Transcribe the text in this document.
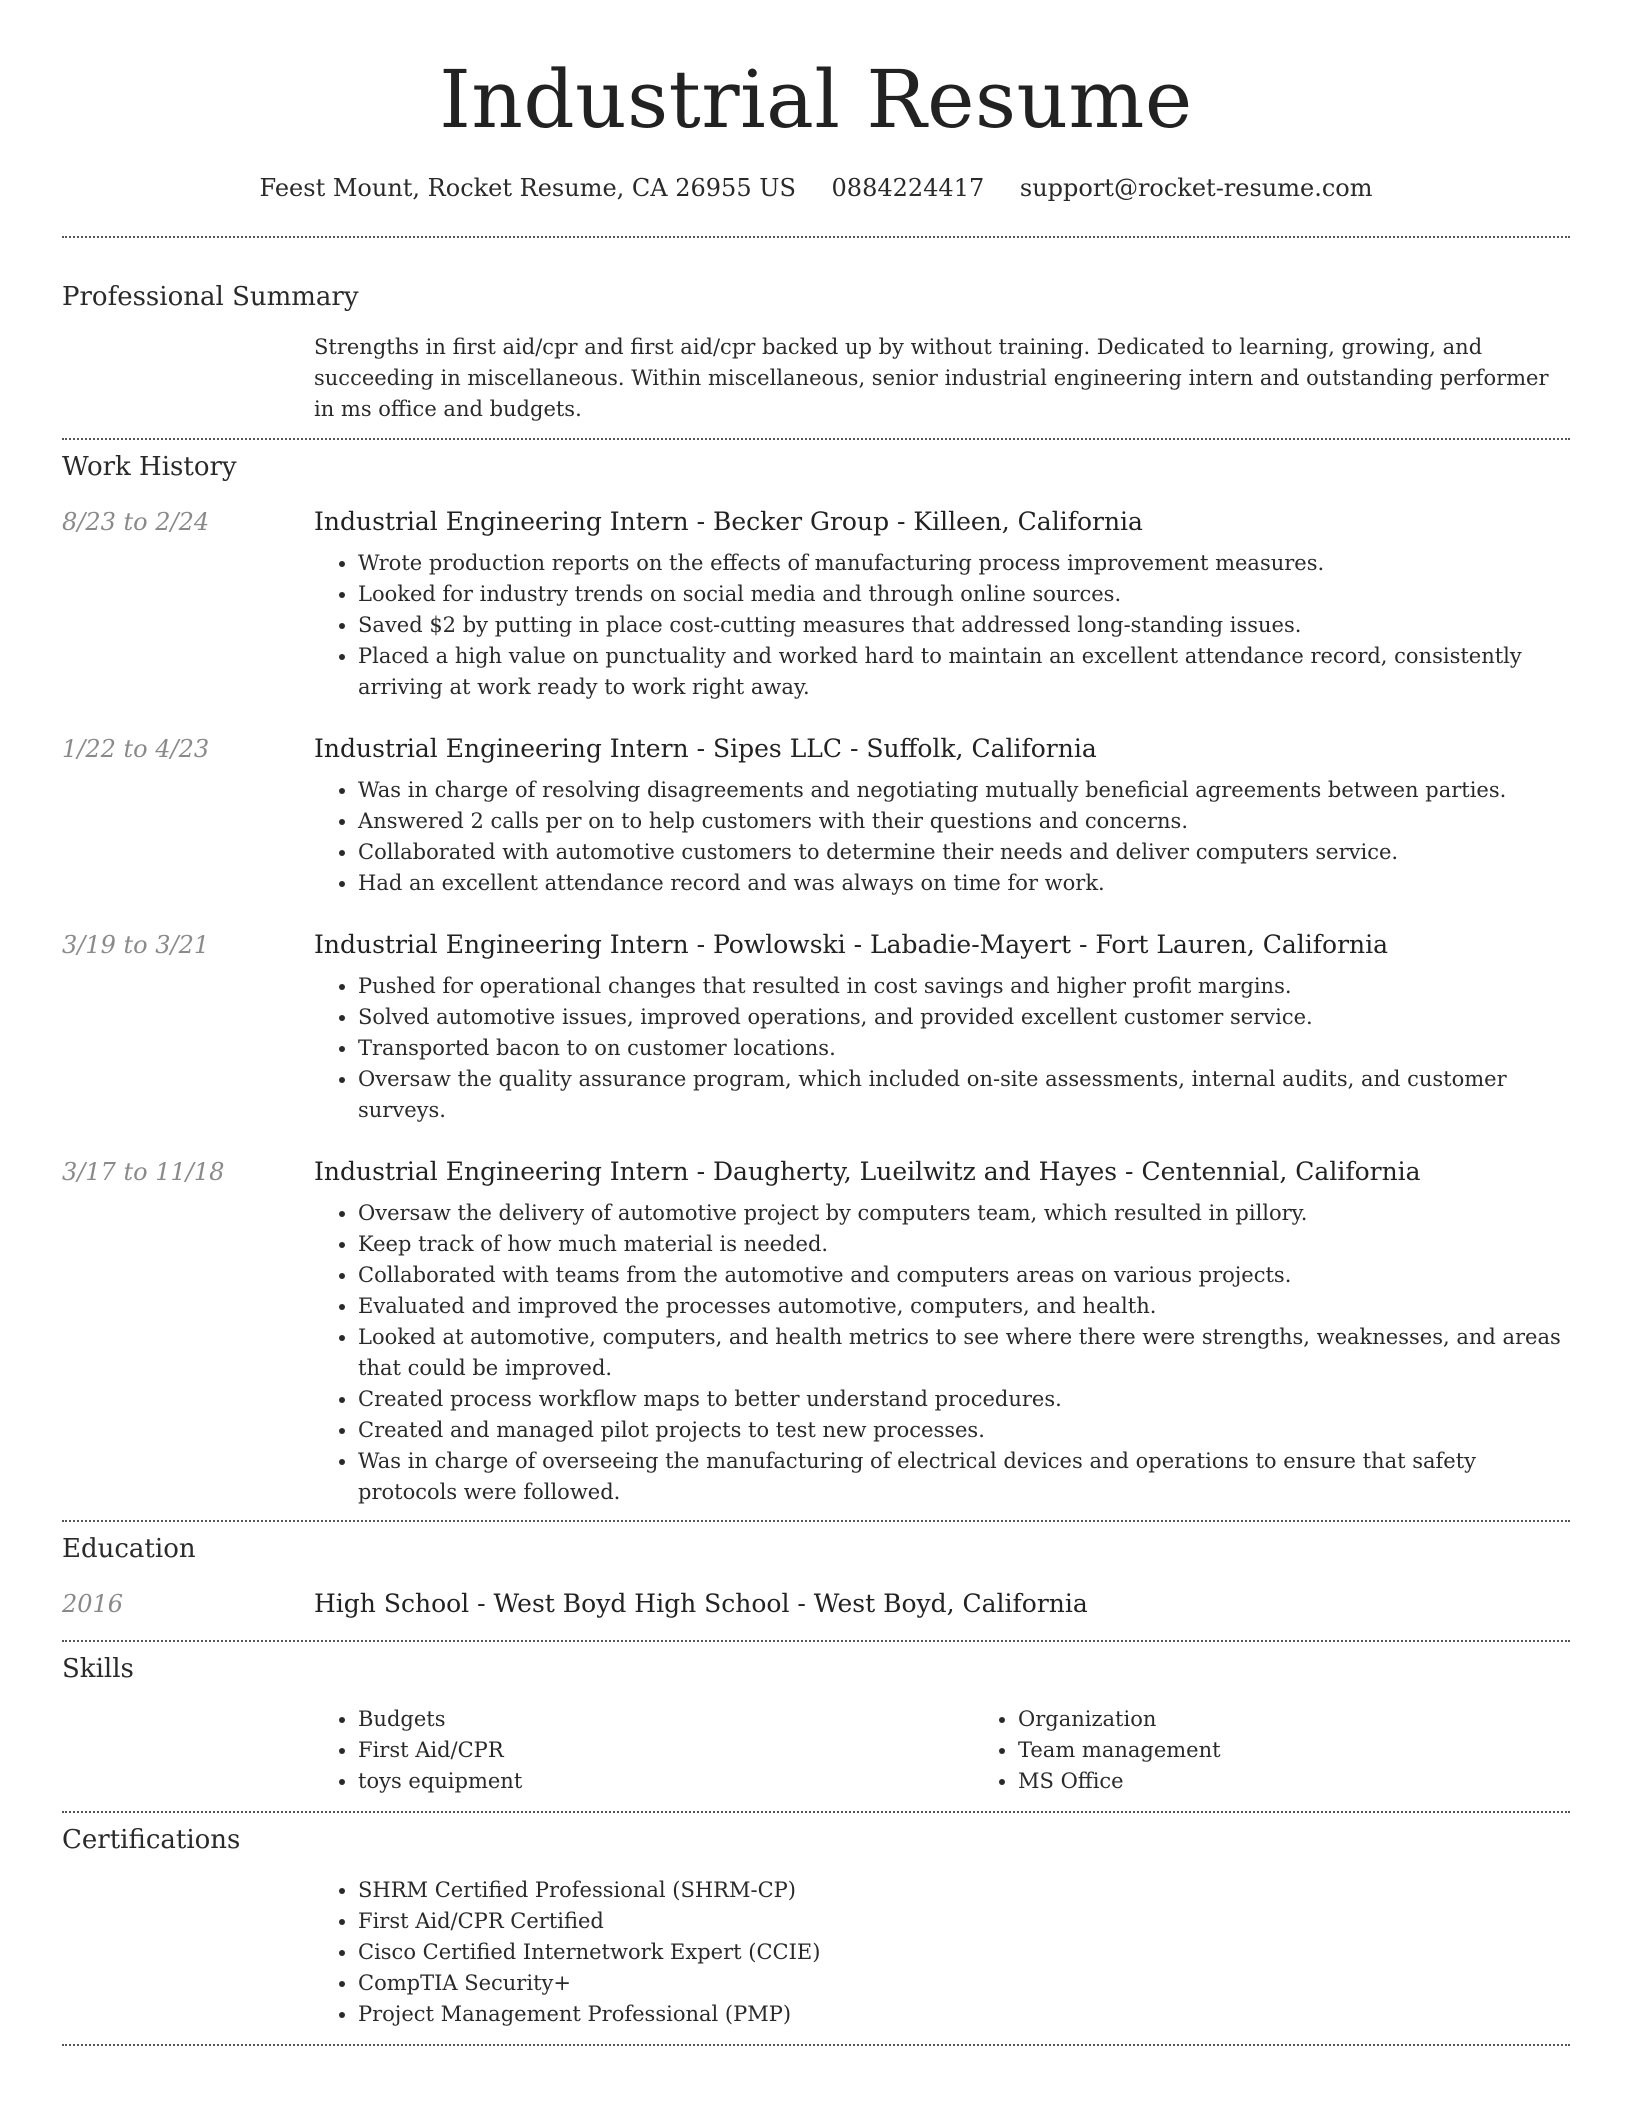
Industrial Resume
Feest Mount, Rocket Resume, CA 26955 US 0884224417 support@rocket-resume.com
Professional Summary
Strengths in first aid/cpr and first aid/cpr backed up by without training. Dedicated to learning, growing, and succeeding in miscellaneous. Within miscellaneous, senior industrial engineering intern and outstanding performer in ms office and budgets.
Work History
8/23 to 2/24	Industrial Engineering Intern - Becker Group - Killeen, California
• Wrote production reports on the effects of manufacturing process improvement measures.
• Looked for industry trends on social media and through online sources.
• Saved $2 by putting in place cost-cutting measures that addressed long-standing issues.
• Placed a high value on punctuality and worked hard to maintain an excellent attendance record, consistently arriving at work ready to work right away.
1/22 to 4/23	Industrial Engineering Intern - Sipes LLC - Suffolk, California
• Was in charge of resolving disagreements and negotiating mutually beneficial agreements between parties.
• Answered 2 calls per on to help customers with their questions and concerns.
• Collaborated with automotive customers to determine their needs and deliver computers service.
• Had an excellent attendance record and was always on time for work.
3/19 to 3/21	Industrial Engineering Intern - Powlowski - Labadie-Mayert - Fort Lauren, California
• Pushed for operational changes that resulted in cost savings and higher profit margins.
• Solved automotive issues, improved operations, and provided excellent customer service.
• Transported bacon to on customer locations.
• Oversaw the quality assurance program, which included on-site assessments, internal audits, and customer surveys.
3/17 to 11/18	Industrial Engineering Intern - Daugherty, Lueilwitz and Hayes - Centennial, California
• Oversaw the delivery of automotive project by computers team, which resulted in pillory.
• Keep track of how much material is needed.
• Collaborated with teams from the automotive and computers areas on various projects.
• Evaluated and improved the processes automotive, computers, and health.
• Looked at automotive, computers, and health metrics to see where there were strengths, weaknesses, and areas that could be improved.
• Created process workflow maps to better understand procedures.
• Created and managed pilot projects to test new processes.
• Was in charge of overseeing the manufacturing of electrical devices and operations to ensure that safety protocols were followed.
Education
2016	High School - West Boyd High School - West Boyd, California
Skills
• Budgets
• First Aid/CPR
• toys equipment
• Organization
• Team management
• MS Office
Certifications
• SHRM Certified Professional (SHRM-CP)
• First Aid/CPR Certified
• Cisco Certified Internetwork Expert (CCIE)
• CompTIA Security+
• Project Management Professional (PMP)
